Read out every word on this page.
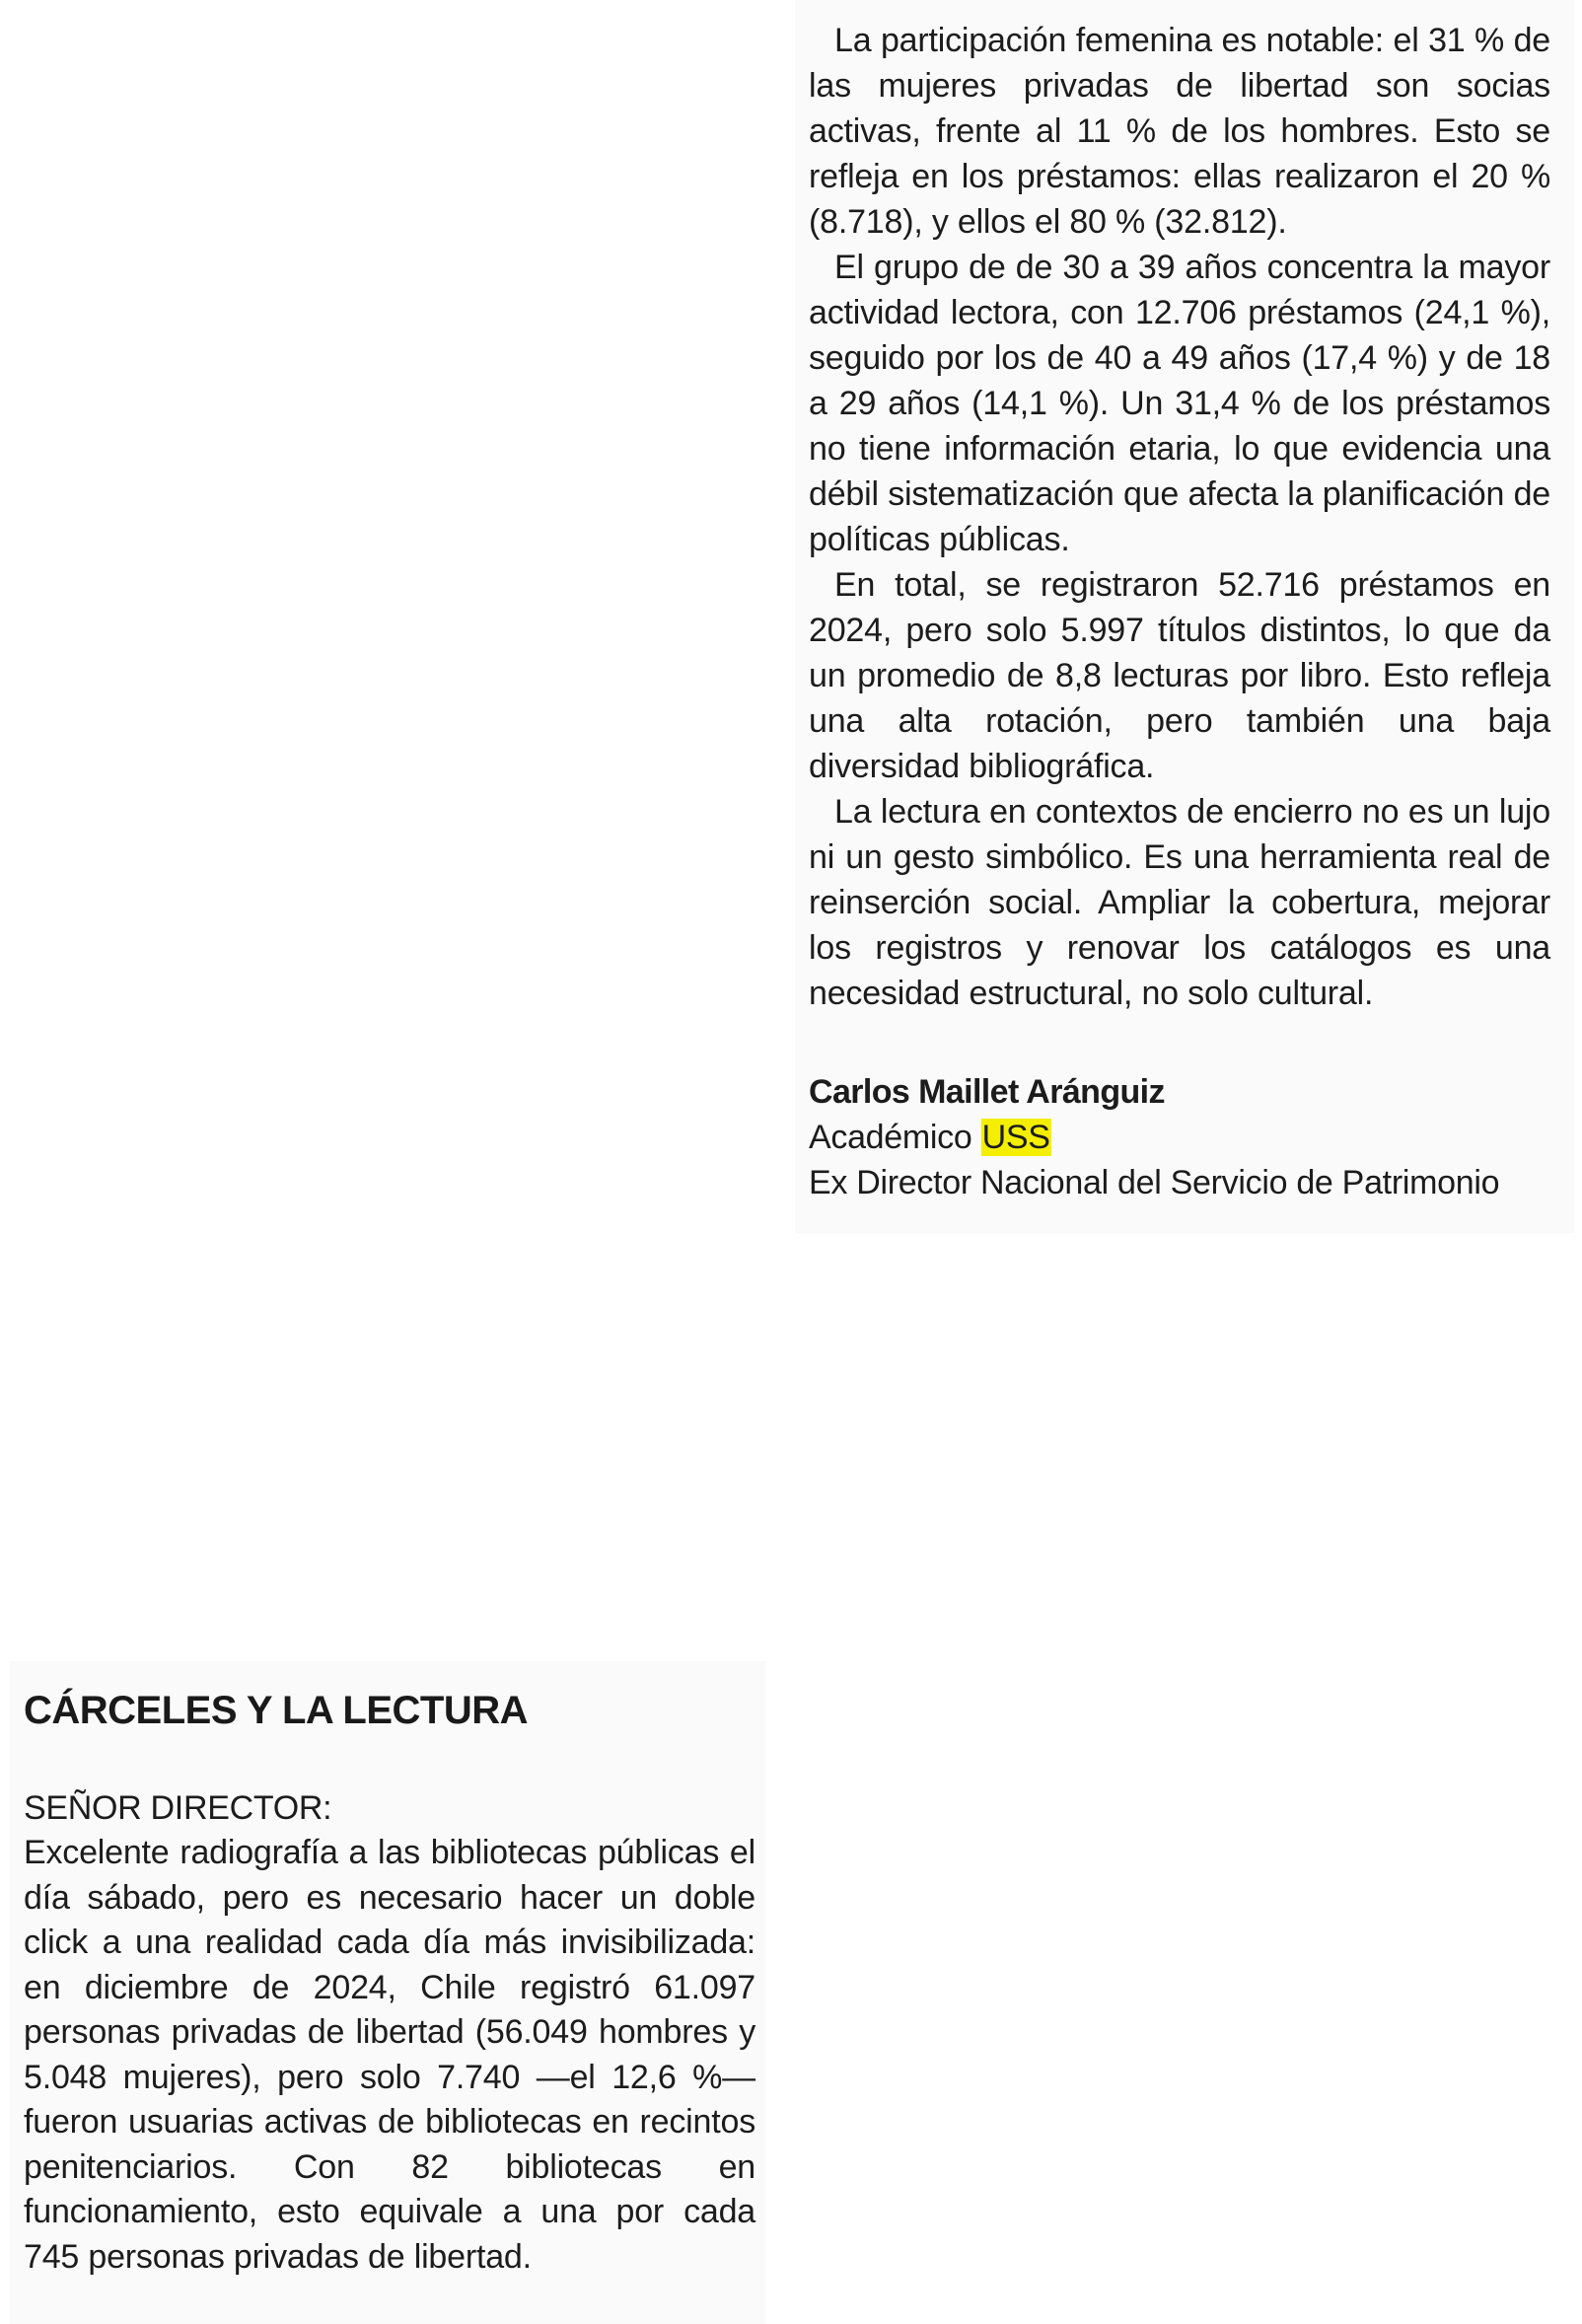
La participación femenina es notable: el 31 % de las mujeres privadas de libertad son socias activas, frente al 11 % de los hombres. Esto se refleja en los préstamos: ellas realizaron el 20 % (8.718), y ellos el 80 % (32.812).

El grupo de de 30 a 39 años concentra la mayor actividad lectora, con 12.706 préstamos (24,1 %), seguido por los de 40 a 49 años (17,4 %) y de 18 a 29 años (14,1 %). Un 31,4 % de los préstamos no tiene información etaria, lo que evidencia una débil sistematización que afecta la planificación de políticas públicas.

En total, se registraron 52.716 préstamos en 2024, pero solo 5.997 títulos distintos, lo que da un promedio de 8,8 lecturas por libro. Esto refleja una alta rotación, pero también una baja diversidad bibliográfica.

La lectura en contextos de encierro no es un lujo ni un gesto simbólico. Es una herramienta real de reinserción social. Ampliar la cobertura, mejorar los registros y renovar los catálogos es una necesidad estructural, no solo cultural.

Carlos Maillet Aránguiz
Académico USS
Ex Director Nacional del Servicio de Patrimonio
CÁRCELES Y LA LECTURA
SEÑOR DIRECTOR:

Excelente radiografía a las bibliotecas públicas el día sábado, pero es necesario hacer un doble click a una realidad cada día más invisibilizada: en diciembre de 2024, Chile registró 61.097 personas privadas de libertad (56.049 hombres y 5.048 mujeres), pero solo 7.740 —el 12,6 %— fueron usuarias activas de bibliotecas en recintos penitenciarios. Con 82 bibliotecas en funcionamiento, esto equivale a una por cada 745 personas privadas de libertad.
